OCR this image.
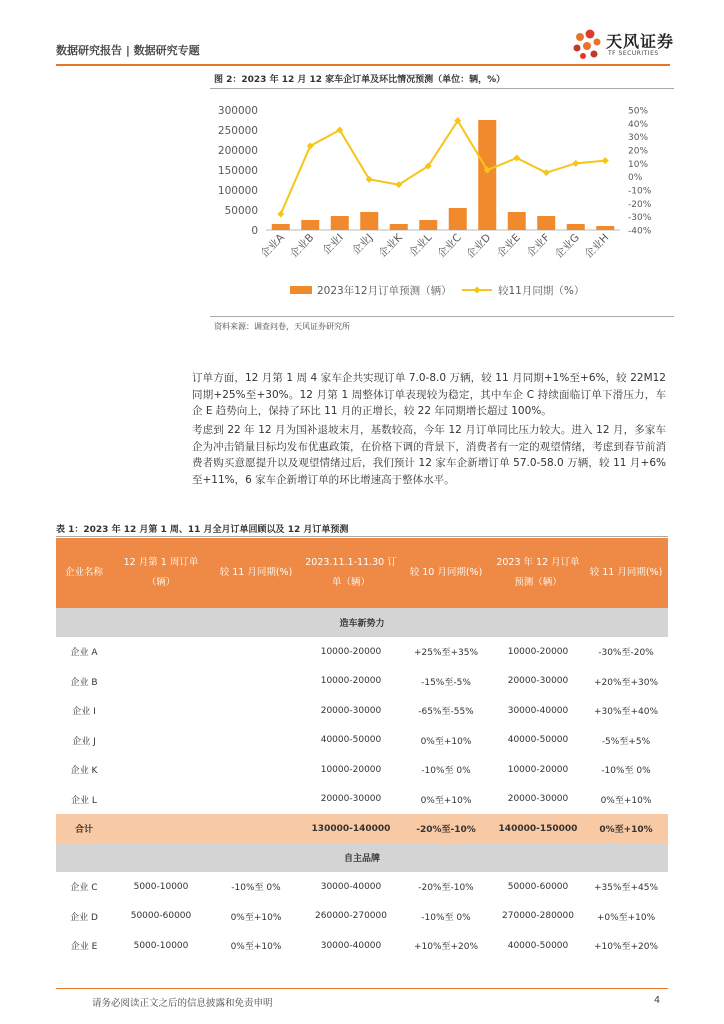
数据研究报告 | 数据研究专题	天风证券
TF SECURITIES
图 2：2023 年 12 月 12 家车企订单及环比情况预测（单位：辆，%）
0
50000
100000
150000
200000
250000
300000
-40%
-30%
-20%
-10%
0%
10%
20%
30%
40%
50%
企业A 企业B 企业I 企业J 企业K 企业L 企业C 企业D 企业E 企业F 企业G 企业H
2023年12月订单预测（辆）	较11月同期（%）
资料来源：调查问卷，天风证券研究所
订单方面，12 月第 1 周 4 家车企共实现订单 7.0-8.0 万辆，较 11 月同期+1%至+6%，较 22M12 同期+25%至+30%。12 月第 1 周整体订单表现较为稳定，其中车企 C 持续面临订单下滑压力，车企 E 趋势向上，保持了环比 11 月的正增长，较 22 年同期增长超过 100%。
考虑到 22 年 12 月为国补退坡末月，基数较高，今年 12 月订单同比压力较大。进入 12 月，多家车企为冲击销量目标均发布优惠政策，在价格下调的背景下，消费者有一定的观望情绪，考虑到春节前消费者购买意愿提升以及观望情绪过后，我们预计 12 家车企新增订单 57.0-58.0 万辆，较 11 月+6%至+11%，6 家车企新增订单的环比增速高于整体水平。
表 1：2023 年 12 月第 1 周、11 月全月订单回顾以及 12 月订单预测
企业名称	12 月第 1 周订单（辆）	较 11 月同期(%)	2023.11.1-11.30 订单（辆）	较 10 月同期(%)	2023 年 12 月订单预测（辆）	较 11 月同期(%)
造车新势力						
企业 A			10000-20000	+25%至+35%	10000-20000	-30%至-20%
企业 B			10000-20000	-15%至-5%	20000-30000	+20%至+30%
企业 I			20000-30000	-65%至-55%	30000-40000	+30%至+40%
企业 J			40000-50000	0%至+10%	40000-50000	-5%至+5%
企业 K			10000-20000	-10%至 0%	10000-20000	-10%至 0%
企业 L			20000-30000	0%至+10%	20000-30000	0%至+10%
合计			130000-140000	-20%至-10%	140000-150000	0%至+10%
自主品牌						
企业 C	5000-10000	-10%至 0%	30000-40000	-20%至-10%	50000-60000	+35%至+45%
企业 D	50000-60000	0%至+10%	260000-270000	-10%至 0%	270000-280000	+0%至+10%
企业 E	5000-10000	0%至+10%	30000-40000	+10%至+20%	40000-50000	+10%至+20%
请务必阅读正文之后的信息披露和免责申明	4
